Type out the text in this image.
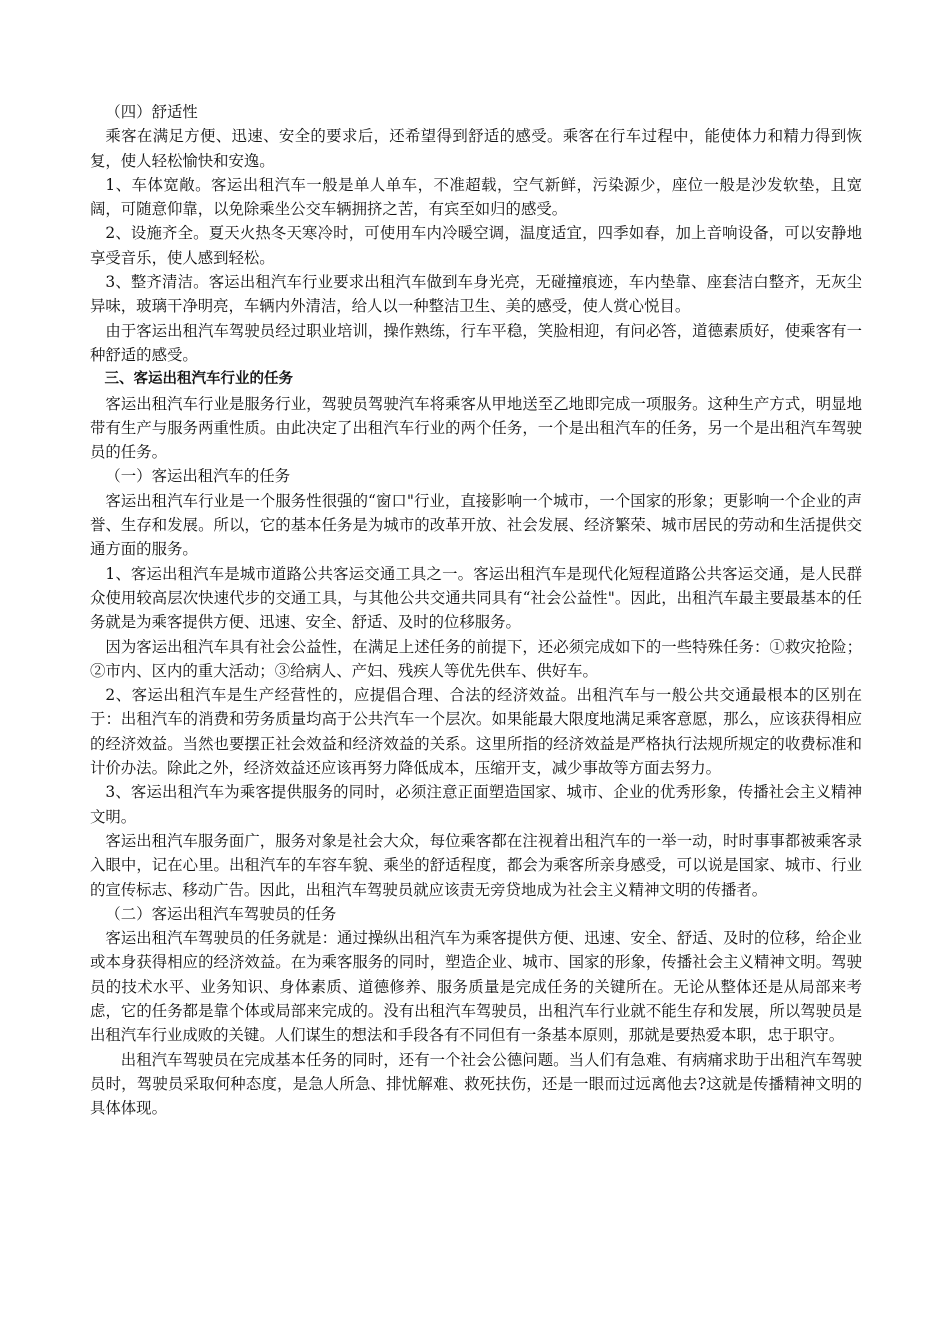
（四）舒适性

乘客在满足方便、迅速、安全的要求后，还希望得到舒适的感受。乘客在行车过程中，能使体力和精力得到恢复，使人轻松愉快和安逸。

1、车体宽敞。客运出租汽车一般是单人单车，不准超载，空气新鲜，污染源少，座位一般是沙发软垫，且宽阔，可随意仰靠，以免除乘坐公交车辆拥挤之苦，有宾至如归的感受。

2、设施齐全。夏天火热冬天寒冷时，可使用车内冷暖空调，温度适宜，四季如春，加上音响设备，可以安静地享受音乐，使人感到轻松。

3、整齐清洁。客运出租汽车行业要求出租汽车做到车身光亮，无碰撞痕迹，车内垫靠、座套洁白整齐，无灰尘异味，玻璃干净明亮，车辆内外清洁，给人以一种整洁卫生、美的感受，使人赏心悦目。

由于客运出租汽车驾驶员经过职业培训，操作熟练，行车平稳，笑脸相迎，有问必答，道德素质好，使乘客有一种舒适的感受。

三、客运出租汽车行业的任务

客运出租汽车行业是服务行业，驾驶员驾驶汽车将乘客从甲地送至乙地即完成一项服务。这种生产方式，明显地带有生产与服务两重性质。由此决定了出租汽车行业的两个任务，一个是出租汽车的任务，另一个是出租汽车驾驶员的任务。

（一）客运出租汽车的任务

客运出租汽车行业是一个服务性很强的“窗口"行业，直接影响一个城市，一个国家的形象；更影响一个企业的声誉、生存和发展。所以，它的基本任务是为城市的改革开放、社会发展、经济繁荣、城市居民的劳动和生活提供交通方面的服务。

1、客运出租汽车是城市道路公共客运交通工具之一。客运出租汽车是现代化短程道路公共客运交通，是人民群众使用较高层次快速代步的交通工具，与其他公共交通共同具有“社会公益性"。因此，出租汽车最主要最基本的任务就是为乘客提供方便、迅速、安全、舒适、及时的位移服务。

因为客运出租汽车具有社会公益性，在满足上述任务的前提下，还必须完成如下的一些特殊任务：①救灾抢险；②市内、区内的重大活动；③给病人、产妇、残疾人等优先供车、供好车。

2、客运出租汽车是生产经营性的，应提倡合理、合法的经济效益。出租汽车与一般公共交通最根本的区别在于：出租汽车的消费和劳务质量均高于公共汽车一个层次。如果能最大限度地满足乘客意愿，那么，应该获得相应的经济效益。当然也要摆正社会效益和经济效益的关系。这里所指的经济效益是严格执行法规所规定的收费标准和计价办法。除此之外，经济效益还应该再努力降低成本，压缩开支，减少事故等方面去努力。

3、客运出租汽车为乘客提供服务的同时，必须注意正面塑造国家、城市、企业的优秀形象，传播社会主义精神文明。

客运出租汽车服务面广，服务对象是社会大众，每位乘客都在注视着出租汽车的一举一动，时时事事都被乘客录入眼中，记在心里。出租汽车的车容车貌、乘坐的舒适程度，都会为乘客所亲身感受，可以说是国家、城市、行业的宣传标志、移动广告。因此，出租汽车驾驶员就应该责无旁贷地成为社会主义精神文明的传播者。

（二）客运出租汽车驾驶员的任务

客运出租汽车驾驶员的任务就是：通过操纵出租汽车为乘客提供方便、迅速、安全、舒适、及时的位移，给企业或本身获得相应的经济效益。在为乘客服务的同时，塑造企业、城市、国家的形象，传播社会主义精神文明。驾驶员的技术水平、业务知识、身体素质、道德修养、服务质量是完成任务的关键所在。无论从整体还是从局部来考虑，它的任务都是靠个体或局部来完成的。没有出租汽车驾驶员，出租汽车行业就不能生存和发展，所以驾驶员是出租汽车行业成败的关键。人们谋生的想法和手段各有不同但有一条基本原则，那就是要热爱本职，忠于职守。

出租汽车驾驶员在完成基本任务的同时，还有一个社会公德问题。当人们有急难、有病痛求助于出租汽车驾驶员时，驾驶员采取何种态度，是急人所急、排忧解难、救死扶伤，还是一眼而过远离他去?这就是传播精神文明的具体体现。
